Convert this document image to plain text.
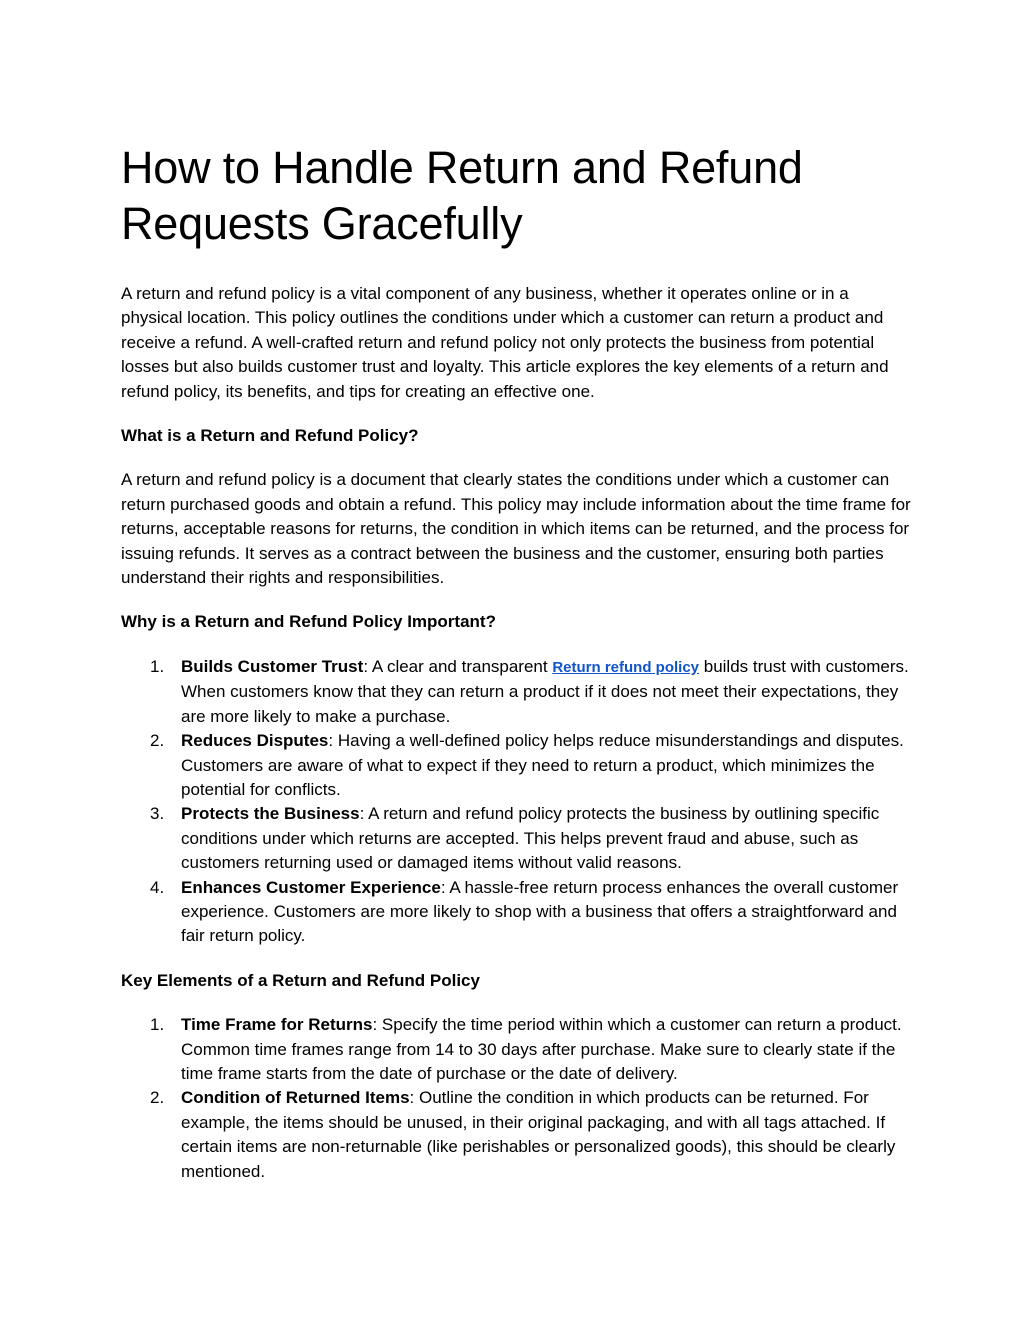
How to Handle Return and Refund Requests Gracefully

A return and refund policy is a vital component of any business, whether it operates online or in a physical location. This policy outlines the conditions under which a customer can return a product and receive a refund. A well-crafted return and refund policy not only protects the business from potential losses but also builds customer trust and loyalty. This article explores the key elements of a return and refund policy, its benefits, and tips for creating an effective one.

What is a Return and Refund Policy?

A return and refund policy is a document that clearly states the conditions under which a customer can return purchased goods and obtain a refund. This policy may include information about the time frame for returns, acceptable reasons for returns, the condition in which items can be returned, and the process for issuing refunds. It serves as a contract between the business and the customer, ensuring both parties understand their rights and responsibilities.

Why is a Return and Refund Policy Important?
1. Builds Customer Trust: A clear and transparent Return refund policy builds trust with customers. When customers know that they can return a product if it does not meet their expectations, they are more likely to make a purchase.
2. Reduces Disputes: Having a well-defined policy helps reduce misunderstandings and disputes. Customers are aware of what to expect if they need to return a product, which minimizes the potential for conflicts.
3. Protects the Business: A return and refund policy protects the business by outlining specific conditions under which returns are accepted. This helps prevent fraud and abuse, such as customers returning used or damaged items without valid reasons.
4. Enhances Customer Experience: A hassle-free return process enhances the overall customer experience. Customers are more likely to shop with a business that offers a straightforward and fair return policy.
Key Elements of a Return and Refund Policy
1. Time Frame for Returns: Specify the time period within which a customer can return a product. Common time frames range from 14 to 30 days after purchase. Make sure to clearly state if the time frame starts from the date of purchase or the date of delivery.
2. Condition of Returned Items: Outline the condition in which products can be returned. For example, the items should be unused, in their original packaging, and with all tags attached. If certain items are non-returnable (like perishables or personalized goods), this should be clearly mentioned.
